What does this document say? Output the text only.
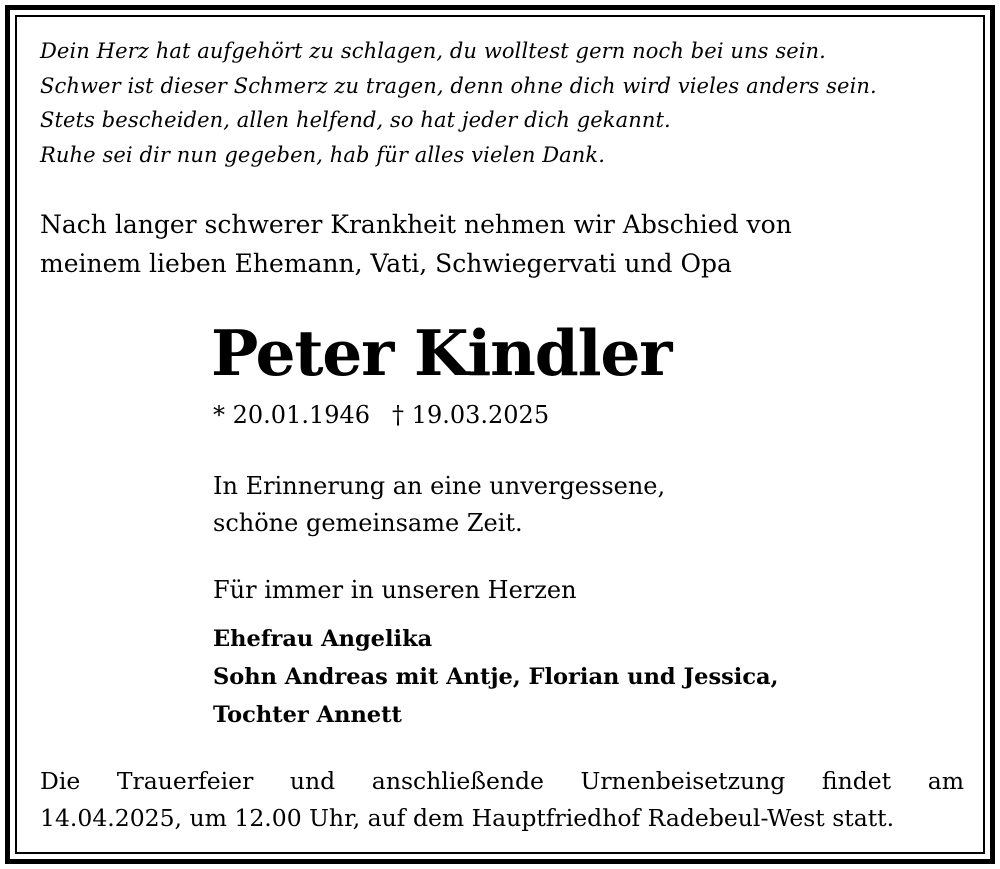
Dein Herz hat aufgehört zu schlagen, du wolltest gern noch bei uns sein.
Schwer ist dieser Schmerz zu tragen, denn ohne dich wird vieles anders sein.
Stets bescheiden, allen helfend, so hat jeder dich gekannt.
Ruhe sei dir nun gegeben, hab für alles vielen Dank.
Nach langer schwerer Krankheit nehmen wir Abschied von
meinem lieben Ehemann, Vati, Schwiegervati und Opa
Peter Kindler
* 20.01.1946 † 19.03.2025
In Erinnerung an eine unvergessene,
schöne gemeinsame Zeit.
Für immer in unseren Herzen
Ehefrau Angelika
Sohn Andreas mit Antje, Florian und Jessica,
Tochter Annett
Die Trauerfeier und anschließende Urnenbeisetzung findet am
14.04.2025, um 12.00 Uhr, auf dem Hauptfriedhof Radebeul-West statt.
